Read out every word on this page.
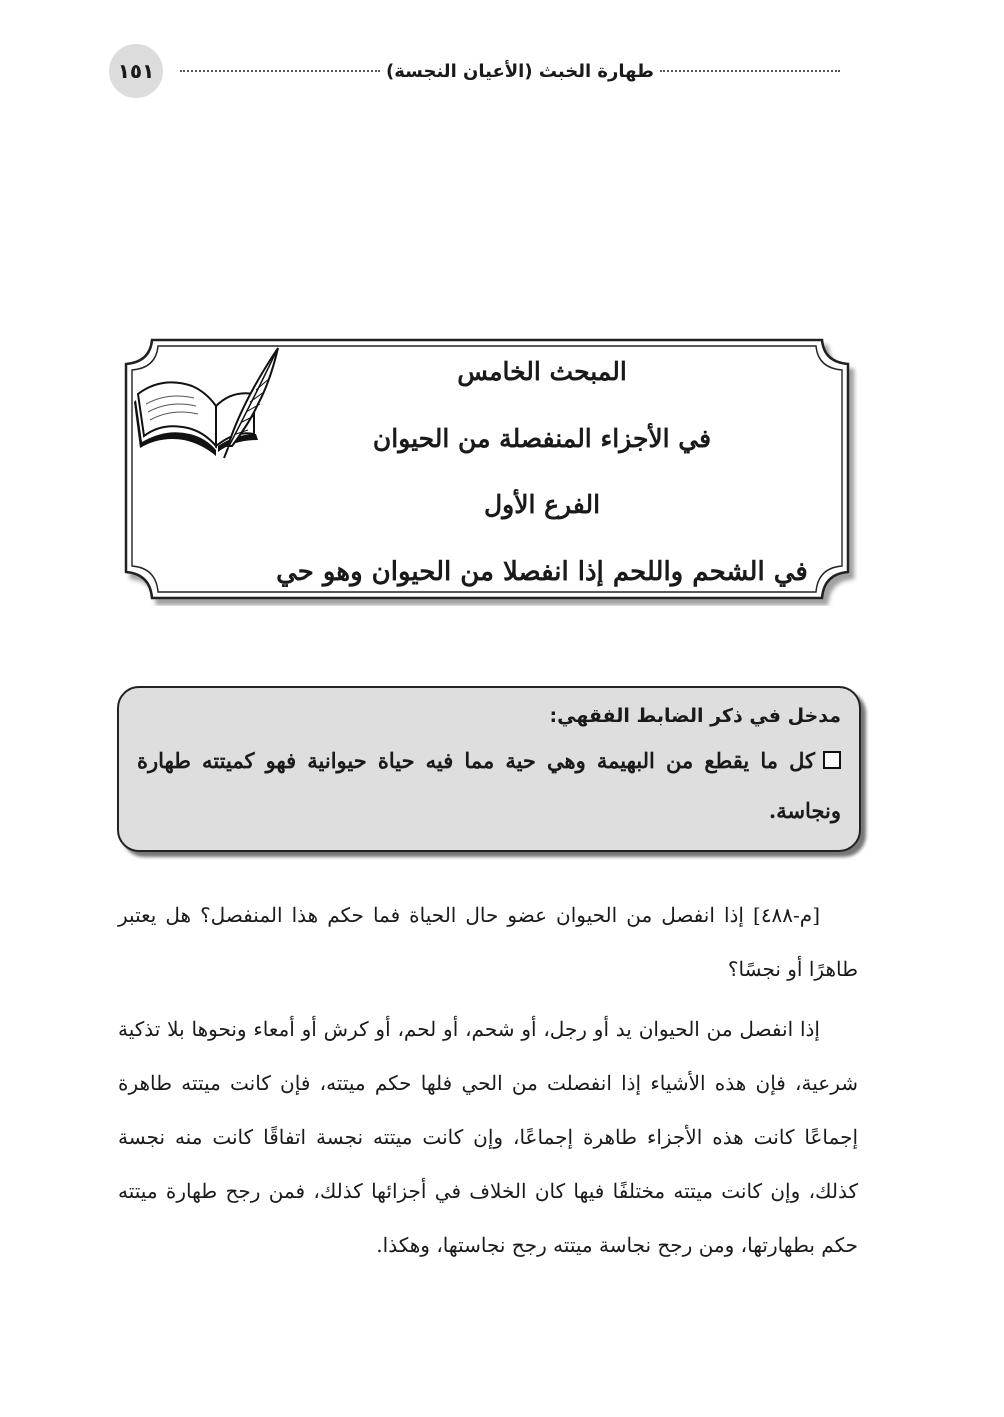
١٥١	طهارة الخبث (الأعيان النجسة)
المبحث الخامس
في الأجزاء المنفصلة من الحيوان
الفرع الأول
في الشحم واللحم إذا انفصلا من الحيوان وهو حي
مدخل في ذكر الضابط الفقهي:
كل ما يقطع من البهيمة وهي حية مما فيه حياة حيوانية فهو كميتته طهارة ونجاسة.

[م-٤٨٨] إذا انفصل من الحيوان عضو حال الحياة فما حكم هذا المنفصل؟ هل يعتبر طاهرًا أو نجسًا؟

إذا انفصل من الحيوان يد أو رجل، أو شحم، أو لحم، أو كرش أو أمعاء ونحوها بلا تذكية شرعية، فإن هذه الأشياء إذا انفصلت من الحي فلها حكم ميتته، فإن كانت ميتته طاهرة إجماعًا كانت هذه الأجزاء طاهرة إجماعًا، وإن كانت ميتته نجسة اتفاقًا كانت منه نجسة كذلك، وإن كانت ميتته مختلفًا فيها كان الخلاف في أجزائها كذلك، فمن رجح طهارة ميتته حكم بطهارتها، ومن رجح نجاسة ميتته رجح نجاستها، وهكذا.
